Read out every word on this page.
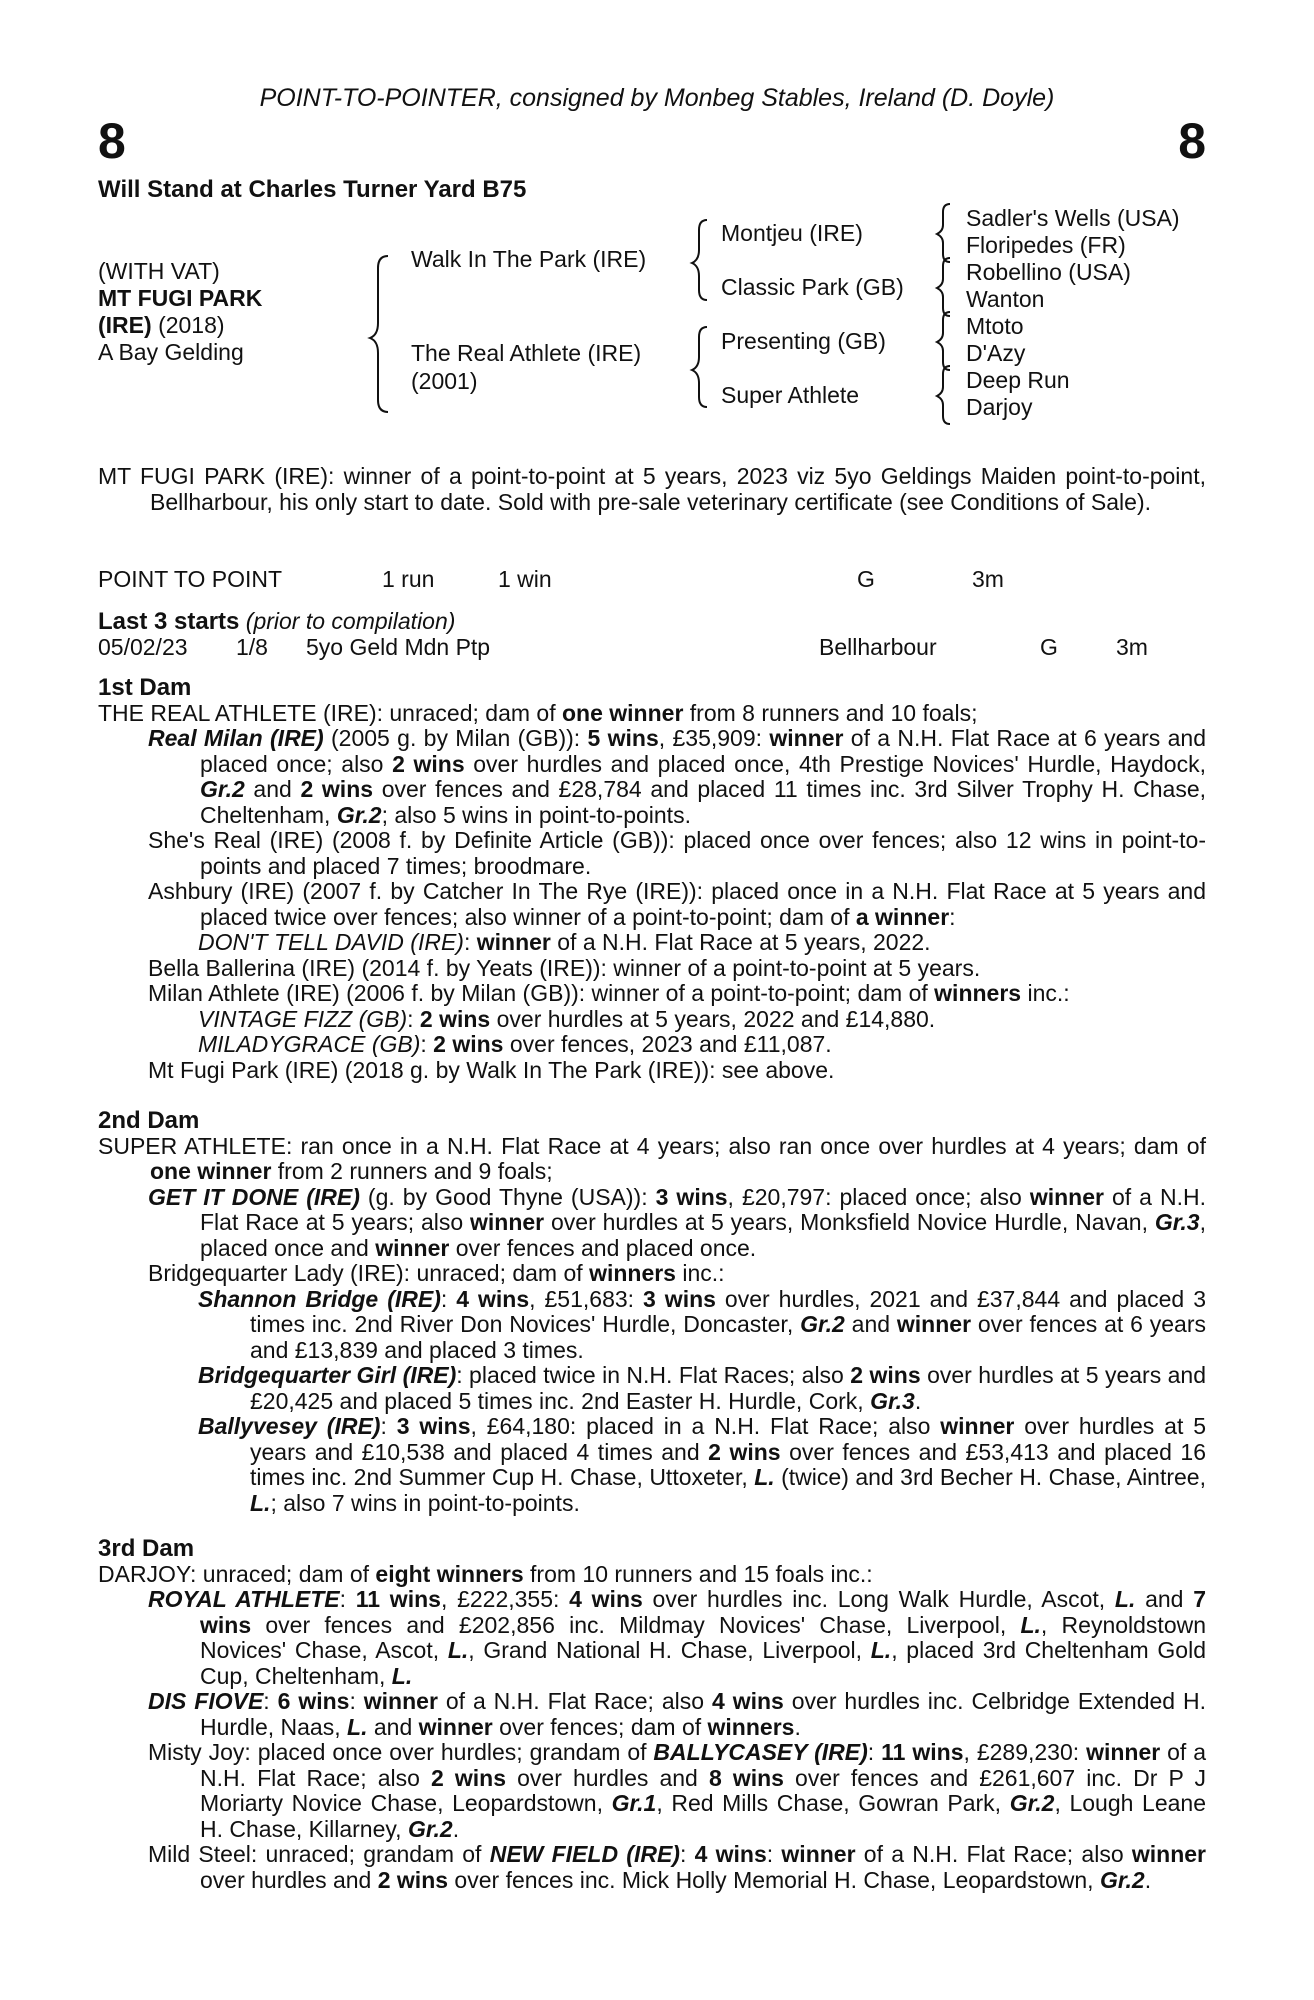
POINT-TO-POINTER, consigned by Monbeg Stables, Ireland (D. Doyle)
8	8
Will Stand at Charles Turner Yard B75
(WITH VAT)
MT FUGI PARK
(IRE) (2018)
A Bay Gelding
Walk In The Park (IRE)
The Real Athlete (IRE)
(2001)
Montjeu (IRE)
Classic Park (GB)
Presenting (GB)
Super Athlete
Sadler's Wells (USA)
Floripedes (FR)
Robellino (USA)
Wanton
Mtoto
D'Azy
Deep Run
Darjoy

MT FUGI PARK (IRE): winner of a point-to-point at 5 years, 2023 viz 5yo Geldings Maiden point-to-point, Bellharbour, his only start to date. Sold with pre-sale veterinary certificate (see Conditions of Sale).

POINT TO POINT	1 run	1 win	G	3m
Last 3 starts (prior to compilation)
05/02/23 1/8 5yo Geld Mdn Ptp	Bellharbour	G	3m

1st Dam

THE REAL ATHLETE (IRE): unraced; dam of one winner from 8 runners and 10 foals;

Real Milan (IRE) (2005 g. by Milan (GB)): 5 wins, £35,909: winner of a N.H. Flat Race at 6 years and placed once; also 2 wins over hurdles and placed once, 4th Prestige Novices' Hurdle, Haydock, Gr.2 and 2 wins over fences and £28,784 and placed 11 times inc. 3rd Silver Trophy H. Chase, Cheltenham, Gr.2; also 5 wins in point-to-points.

She's Real (IRE) (2008 f. by Definite Article (GB)): placed once over fences; also 12 wins in point-to-points and placed 7 times; broodmare.

Ashbury (IRE) (2007 f. by Catcher In The Rye (IRE)): placed once in a N.H. Flat Race at 5 years and placed twice over fences; also winner of a point-to-point; dam of a winner:

DON'T TELL DAVID (IRE): winner of a N.H. Flat Race at 5 years, 2022.

Bella Ballerina (IRE) (2014 f. by Yeats (IRE)): winner of a point-to-point at 5 years.

Milan Athlete (IRE) (2006 f. by Milan (GB)): winner of a point-to-point; dam of winners inc.:

VINTAGE FIZZ (GB): 2 wins over hurdles at 5 years, 2022 and £14,880.

MILADYGRACE (GB): 2 wins over fences, 2023 and £11,087.

Mt Fugi Park (IRE) (2018 g. by Walk In The Park (IRE)): see above.

2nd Dam

SUPER ATHLETE: ran once in a N.H. Flat Race at 4 years; also ran once over hurdles at 4 years; dam of one winner from 2 runners and 9 foals;

GET IT DONE (IRE) (g. by Good Thyne (USA)): 3 wins, £20,797: placed once; also winner of a N.H. Flat Race at 5 years; also winner over hurdles at 5 years, Monksfield Novice Hurdle, Navan, Gr.3, placed once and winner over fences and placed once.

Bridgequarter Lady (IRE): unraced; dam of winners inc.:

Shannon Bridge (IRE): 4 wins, £51,683: 3 wins over hurdles, 2021 and £37,844 and placed 3 times inc. 2nd River Don Novices' Hurdle, Doncaster, Gr.2 and winner over fences at 6 years and £13,839 and placed 3 times.

Bridgequarter Girl (IRE): placed twice in N.H. Flat Races; also 2 wins over hurdles at 5 years and £20,425 and placed 5 times inc. 2nd Easter H. Hurdle, Cork, Gr.3.

Ballyvesey (IRE): 3 wins, £64,180: placed in a N.H. Flat Race; also winner over hurdles at 5 years and £10,538 and placed 4 times and 2 wins over fences and £53,413 and placed 16 times inc. 2nd Summer Cup H. Chase, Uttoxeter, L. (twice) and 3rd Becher H. Chase, Aintree, L.; also 7 wins in point-to-points.

3rd Dam

DARJOY: unraced; dam of eight winners from 10 runners and 15 foals inc.:

ROYAL ATHLETE: 11 wins, £222,355: 4 wins over hurdles inc. Long Walk Hurdle, Ascot, L. and 7 wins over fences and £202,856 inc. Mildmay Novices' Chase, Liverpool, L., Reynoldstown Novices' Chase, Ascot, L., Grand National H. Chase, Liverpool, L., placed 3rd Cheltenham Gold Cup, Cheltenham, L.

DIS FIOVE: 6 wins: winner of a N.H. Flat Race; also 4 wins over hurdles inc. Celbridge Extended H. Hurdle, Naas, L. and winner over fences; dam of winners.

Misty Joy: placed once over hurdles; grandam of BALLYCASEY (IRE): 11 wins, £289,230: winner of a N.H. Flat Race; also 2 wins over hurdles and 8 wins over fences and £261,607 inc. Dr P J Moriarty Novice Chase, Leopardstown, Gr.1, Red Mills Chase, Gowran Park, Gr.2, Lough Leane H. Chase, Killarney, Gr.2.

Mild Steel: unraced; grandam of NEW FIELD (IRE): 4 wins: winner of a N.H. Flat Race; also winner over hurdles and 2 wins over fences inc. Mick Holly Memorial H. Chase, Leopardstown, Gr.2.
